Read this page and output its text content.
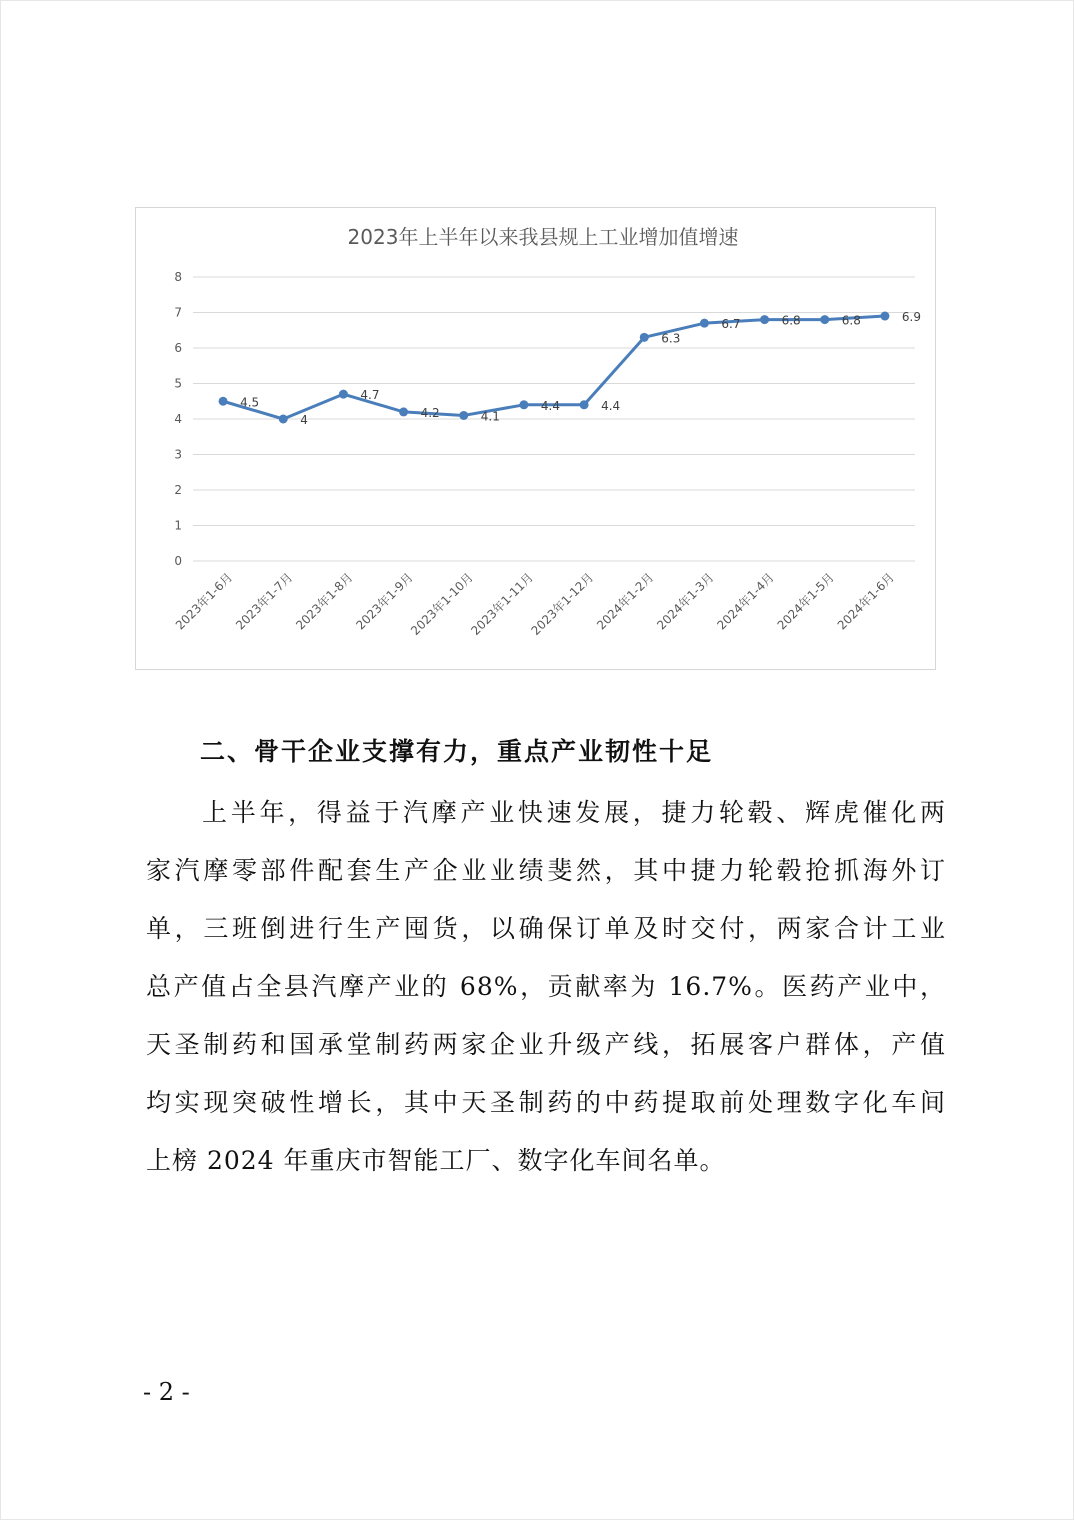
2023年上半年以来我县规上工业增加值增速
0
1
2
3
4
5
6
7
8
4.5
4
4.7
4.2	4.1
4.4	4.4
6.3
6.7	6.8	6.8	6.9
2023年1-6月
2023年1-7月
2023年1-8月
2023年1-9月
2023年1-10月
2023年1-11月
2023年1-12月
2024年1-2月
2024年1-3月
2024年1-4月
2024年1-5月
2024年1-6月
二、骨干企业支撑有力，重点产业韧性十足
上半年，得益于汽摩产业快速发展，捷力轮毂、辉虎催化两
家汽摩零部件配套生产企业业绩斐然，其中捷力轮毂抢抓海外订
单，三班倒进行生产囤货，以确保订单及时交付，两家合计工业
总产值占全县汽摩产业的 68%，贡献率为 16.7%。医药产业中，
天圣制药和国承堂制药两家企业升级产线，拓展客户群体，产值
均实现突破性增长，其中天圣制药的中药提取前处理数字化车间
上榜 2024 年重庆市智能工厂、数字化车间名单。
- 2 -
